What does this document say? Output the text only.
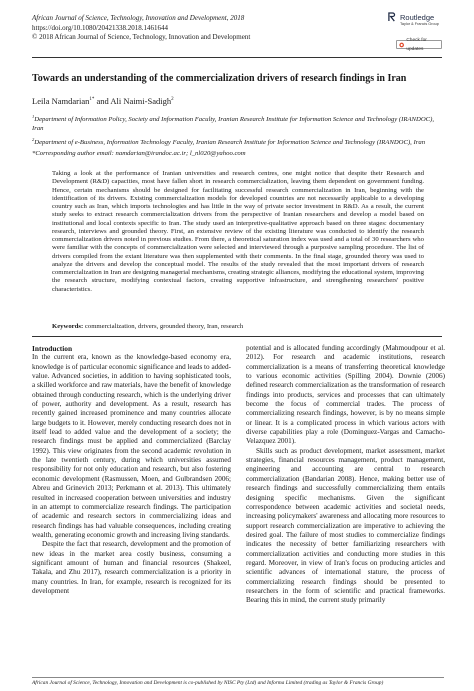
African Journal of Science, Technology, Innovation and Development, 2018
https://doi.org/10.1080/20421338.2018.1461644
© 2018 African Journal of Science, Technology, Innovation and Development
Routledge
Taylor & Francis Group
Check for updates
Towards an understanding of the commercialization drivers of research findings in Iran
Leila Namdarian$^{1*}$ and Ali Naimi-Sadigh$^2$

$^1$Department of Information Policy, Society and Information Faculty, Iranian Research Institute for Information Science and Technology (IRANDOC), Iran

$^2$Department of e-Business, Information Technology Faculty, Iranian Research Institute for Information Science and Technology (IRANDOC), Iran

*Corresponding author email: namdarian@irandoc.ac.ir; l_nl020@yahoo.com

Taking a look at the performance of Iranian universities and research centres, one might notice that despite their Research and Development (R&D) capacities, most have fallen short in research commercialization, leaving them dependent on government funding. Hence, certain mechanisms should be designed for facilitating successful research commercialization in Iran, beginning with the identification of its drivers. Existing commercialization models for developed countries are not necessarily applicable to a developing country such as Iran, which imports technologies and has little in the way of private sector investment in R&D. As a result, the current study seeks to extract research commercialization drivers from the perspective of Iranian researchers and develop a model based on institutional and local contexts specific to Iran. The study used an interpretive-qualitative approach based on three stages: documentary research, interviews and grounded theory. First, an extensive review of the existing literature was conducted to identify the research commercialization drivers noted in previous studies. From there, a theoretical saturation index was used and a total of 30 researchers who were familiar with the concepts of commercialization were selected and interviewed through a purposive sampling procedure. The list of drivers compiled from the extant literature was then supplemented with their comments. In the final stage, grounded theory was used to analyze the drivers and develop the conceptual model. The results of the study revealed that the most important drivers of research commercialization in Iran are designing managerial mechanisms, creating strategic alliances, modifying the educational system, improving the research structure, modifying contextual factors, creating supportive infrastructure, and strengthening researchers' positive characteristics.
Keywords: commercialization, drivers, grounded theory, Iran, research

Introduction

In the current era, known as the knowledge-based economy era, knowledge is of particular economic significance and leads to added-value. Advanced societies, in addition to having sophisticated tools, a skilled workforce and raw materials, have the benefit of knowledge obtained through conducting research, which is the underlying driver of power, authority and development. As a result, research has recently gained increased prominence and many countries allocate large budgets to it. However, merely conducting research does not in itself lead to added value and the development of a society; the research findings must be applied and commercialized (Barclay 1992). This view originates from the second academic revolution in the late twentieth century, during which universities assumed responsibility for not only education and research, but also fostering economic development (Rasmussen, Moen, and Gulbrandsen 2006; Abreu and Grinevich 2013; Perkmann et al. 2013). This ultimately resulted in increased cooperation between universities and industry in an attempt to commercialize research findings. The participation of academic and research sectors in commercializing ideas and research findings has had valuable consequences, including creating wealth, generating economic growth and increasing living standards.

Despite the fact that research, development and the promotion of new ideas in the market area costly business, consuming a significant amount of human and financial resources (Shakeel, Takala, and Zhu 2017), research commercialization is a priority in many countries. In Iran, for example, research is recognized for its development

potential and is allocated funding accordingly (Mahmoudpour et al. 2012). For research and academic institutions, research commercialization is a means of transferring theoretical knowledge to various economic activities (Spilling 2004). Downie (2006) defined research commercialization as the transformation of research findings into products, services and processes that can ultimately become the focus of commercial trades. The process of commercializing research findings, however, is by no means simple or linear. It is a complicated process in which various actors with diverse capabilities play a role (Dominguez-Vargas and Camacho-Velazquez 2001).

Skills such as product development, market assessment, market strategies, financial resources management, product management, engineering and accounting are central to research commercialization (Bandarian 2008). Hence, making better use of research findings and successfully commercializing them entails designing specific mechanisms. Given the significant correspondence between academic activities and societal needs, increasing policymakers' awareness and allocating more resources to support research commercialization are imperative to achieving the desired goal. The failure of most studies to commercialize findings indicates the necessity of better familiarizing researchers with commercialization activities and conducting more studies in this regard. Moreover, in view of Iran's focus on producing articles and scientific advances of international stature, the process of commercializing research findings should be presented to researchers in the form of scientific and practical frameworks. Bearing this in mind, the current study primarily

African Journal of Science, Technology, Innovation and Development is co-published by NISC Pty (Ltd) and Informa Limited (trading as Taylor & Francis Group)
